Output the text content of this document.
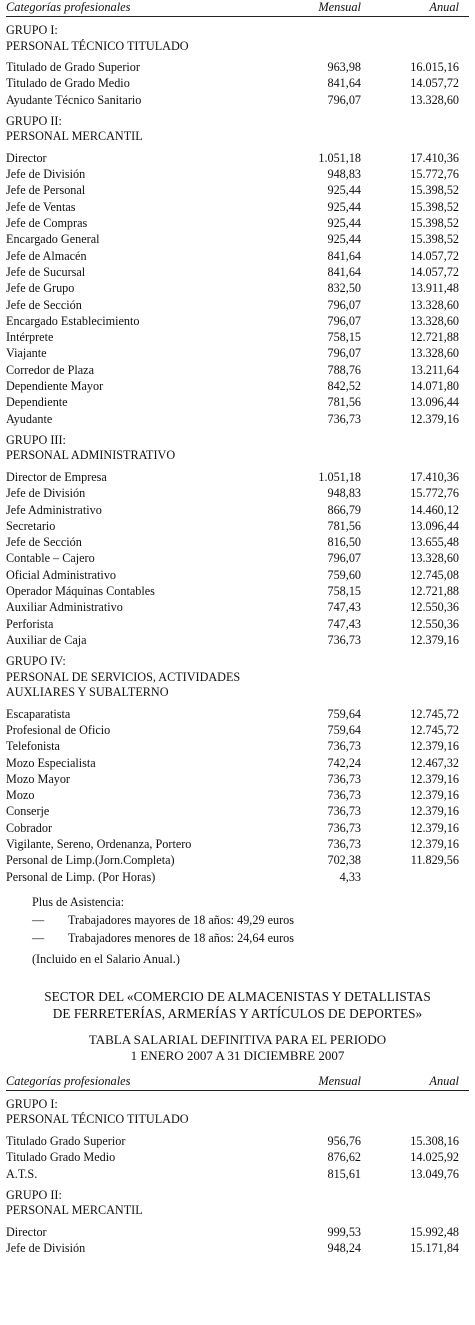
Categorías profesionales	Mensual	Anual
GRUPO I:
PERSONAL TÉCNICO TITULADO
Titulado de Grado Superior	963,98	16.015,16
Titulado de Grado Medio	841,64	14.057,72
Ayudante Técnico Sanitario	796,07	13.328,60
GRUPO II:
PERSONAL MERCANTIL
Director	1.051,18	17.410,36
Jefe de División	948,83	15.772,76
Jefe de Personal	925,44	15.398,52
Jefe de Ventas	925,44	15.398,52
Jefe de Compras	925,44	15.398,52
Encargado General	925,44	15.398,52
Jefe de Almacén	841,64	14.057,72
Jefe de Sucursal	841,64	14.057,72
Jefe de Grupo	832,50	13.911,48
Jefe de Sección	796,07	13.328,60
Encargado Establecimiento	796,07	13.328,60
Intérprete	758,15	12.721,88
Viajante	796,07	13.328,60
Corredor de Plaza	788,76	13.211,64
Dependiente Mayor	842,52	14.071,80
Dependiente	781,56	13.096,44
Ayudante	736,73	12.379,16
GRUPO III:
PERSONAL ADMINISTRATIVO
Director de Empresa	1.051,18	17.410,36
Jefe de División	948,83	15.772,76
Jefe Administrativo	866,79	14.460,12
Secretario	781,56	13.096,44
Jefe de Sección	816,50	13.655,48
Contable – Cajero	796,07	13.328,60
Oficial Administrativo	759,60	12.745,08
Operador Máquinas Contables	758,15	12.721,88
Auxiliar Administrativo	747,43	12.550,36
Perforista	747,43	12.550,36
Auxiliar de Caja	736,73	12.379,16
GRUPO IV:
PERSONAL DE SERVICIOS, ACTIVIDADES
AUXLIARES Y SUBALTERNO
Escaparatista	759,64	12.745,72
Profesional de Oficio	759,64	12.745,72
Telefonista	736,73	12.379,16
Mozo Especialista	742,24	12.467,32
Mozo Mayor	736,73	12.379,16
Mozo	736,73	12.379,16
Conserje	736,73	12.379,16
Cobrador	736,73	12.379,16
Vigilante, Sereno, Ordenanza, Portero	736,73	12.379,16
Personal de Limp.(Jorn.Completa)	702,38	11.829,56
Personal de Limp. (Por Horas)	4,33
Plus de Asistencia:
—	Trabajadores mayores de 18 años: 49,29 euros
—	Trabajadores menores de 18 años: 24,64 euros
(Incluido en el Salario Anual.)
SECTOR DEL «COMERCIO DE ALMACENISTAS Y DETALLISTAS
DE FERRETERÍAS, ARMERÍAS Y ARTÍCULOS DE DEPORTES»
TABLA SALARIAL DEFINITIVA PARA EL PERIODO
1 ENERO 2007 A 31 DICIEMBRE 2007
Categorías profesionales	Mensual	Anual
GRUPO I:
PERSONAL TÉCNICO TITULADO
Titulado Grado Superior	956,76	15.308,16
Titulado Grado Medio	876,62	14.025,92
A.T.S.	815,61	13.049,76
GRUPO II:
PERSONAL MERCANTIL
Director	999,53	15.992,48
Jefe de División	948,24	15.171,84
